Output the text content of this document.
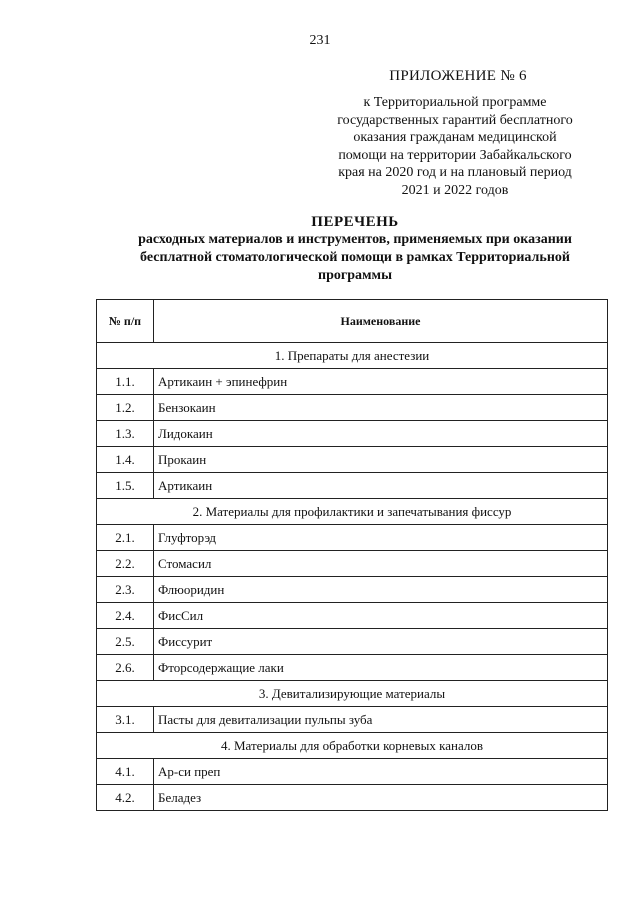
231
ПРИЛОЖЕНИЕ № 6
к Территориальной программе
государственных гарантий бесплатного
оказания гражданам медицинской
помощи на территории Забайкальского
края на 2020 год и на плановый период
2021 и 2022 годов
ПЕРЕЧЕНЬ
расходных материалов и инструментов, применяемых при оказании
бесплатной стоматологической помощи в рамках Территориальной
программы
№ п/п	Наименование
1. Препараты для анестезии	
1.1.	Артикаин + эпинефрин
1.2.	Бензокаин
1.3.	Лидокаин
1.4.	Прокаин
1.5.	Артикаин
2. Материалы для профилактики и запечатывания фиссур	
2.1.	Глуфторэд
2.2.	Стомасил
2.3.	Флюоридин
2.4.	ФисСил
2.5.	Фиссурит
2.6.	Фторсодержащие лаки
3. Девитализирующие материалы	
3.1.	Пасты для девитализации пульпы зуба
4. Материалы для обработки корневых каналов	
4.1.	Ар-си преп
4.2.	Беладез
